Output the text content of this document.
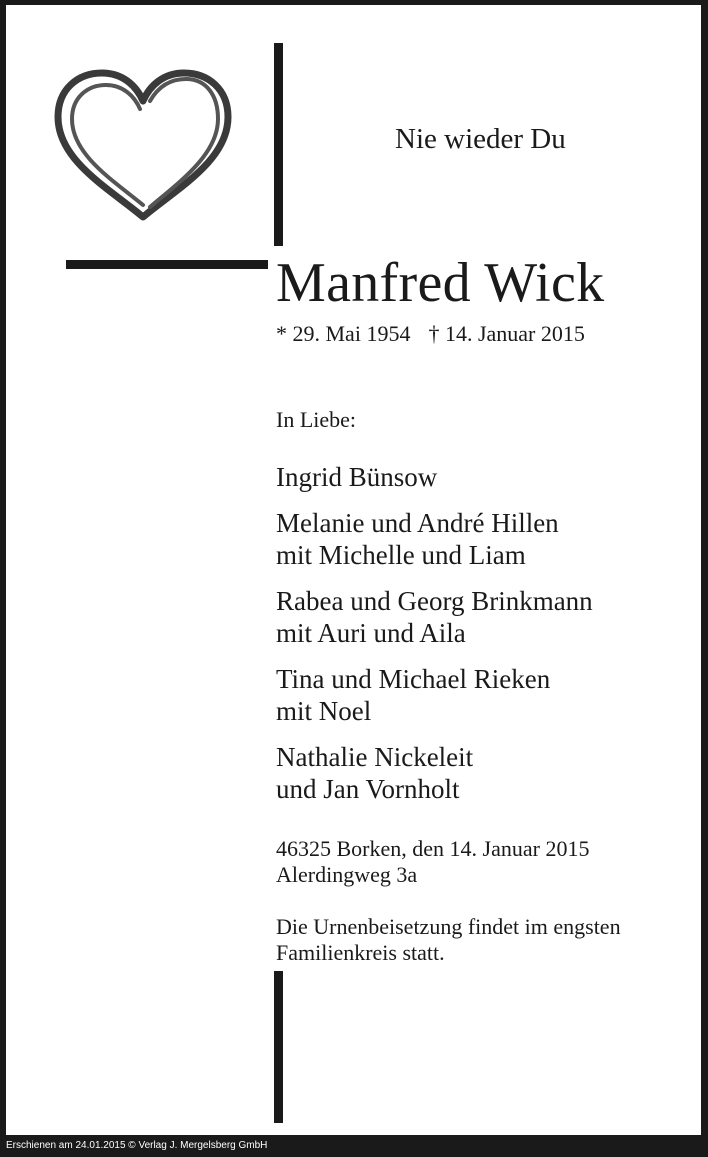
Nie wieder Du
Manfred Wick
* 29. Mai 1954 † 14. Januar 2015
In Liebe:
Ingrid Bünsow
Melanie und André Hillen
mit Michelle und Liam
Rabea und Georg Brinkmann
mit Auri und Aila
Tina und Michael Rieken
mit Noel
Nathalie Nickeleit
und Jan Vornholt
46325 Borken, den 14. Januar 2015
Alerdingweg 3a
Die Urnenbeisetzung findet im engsten
Familienkreis statt.
Erschienen am 24.01.2015 © Verlag J. Mergelsberg GmbH
